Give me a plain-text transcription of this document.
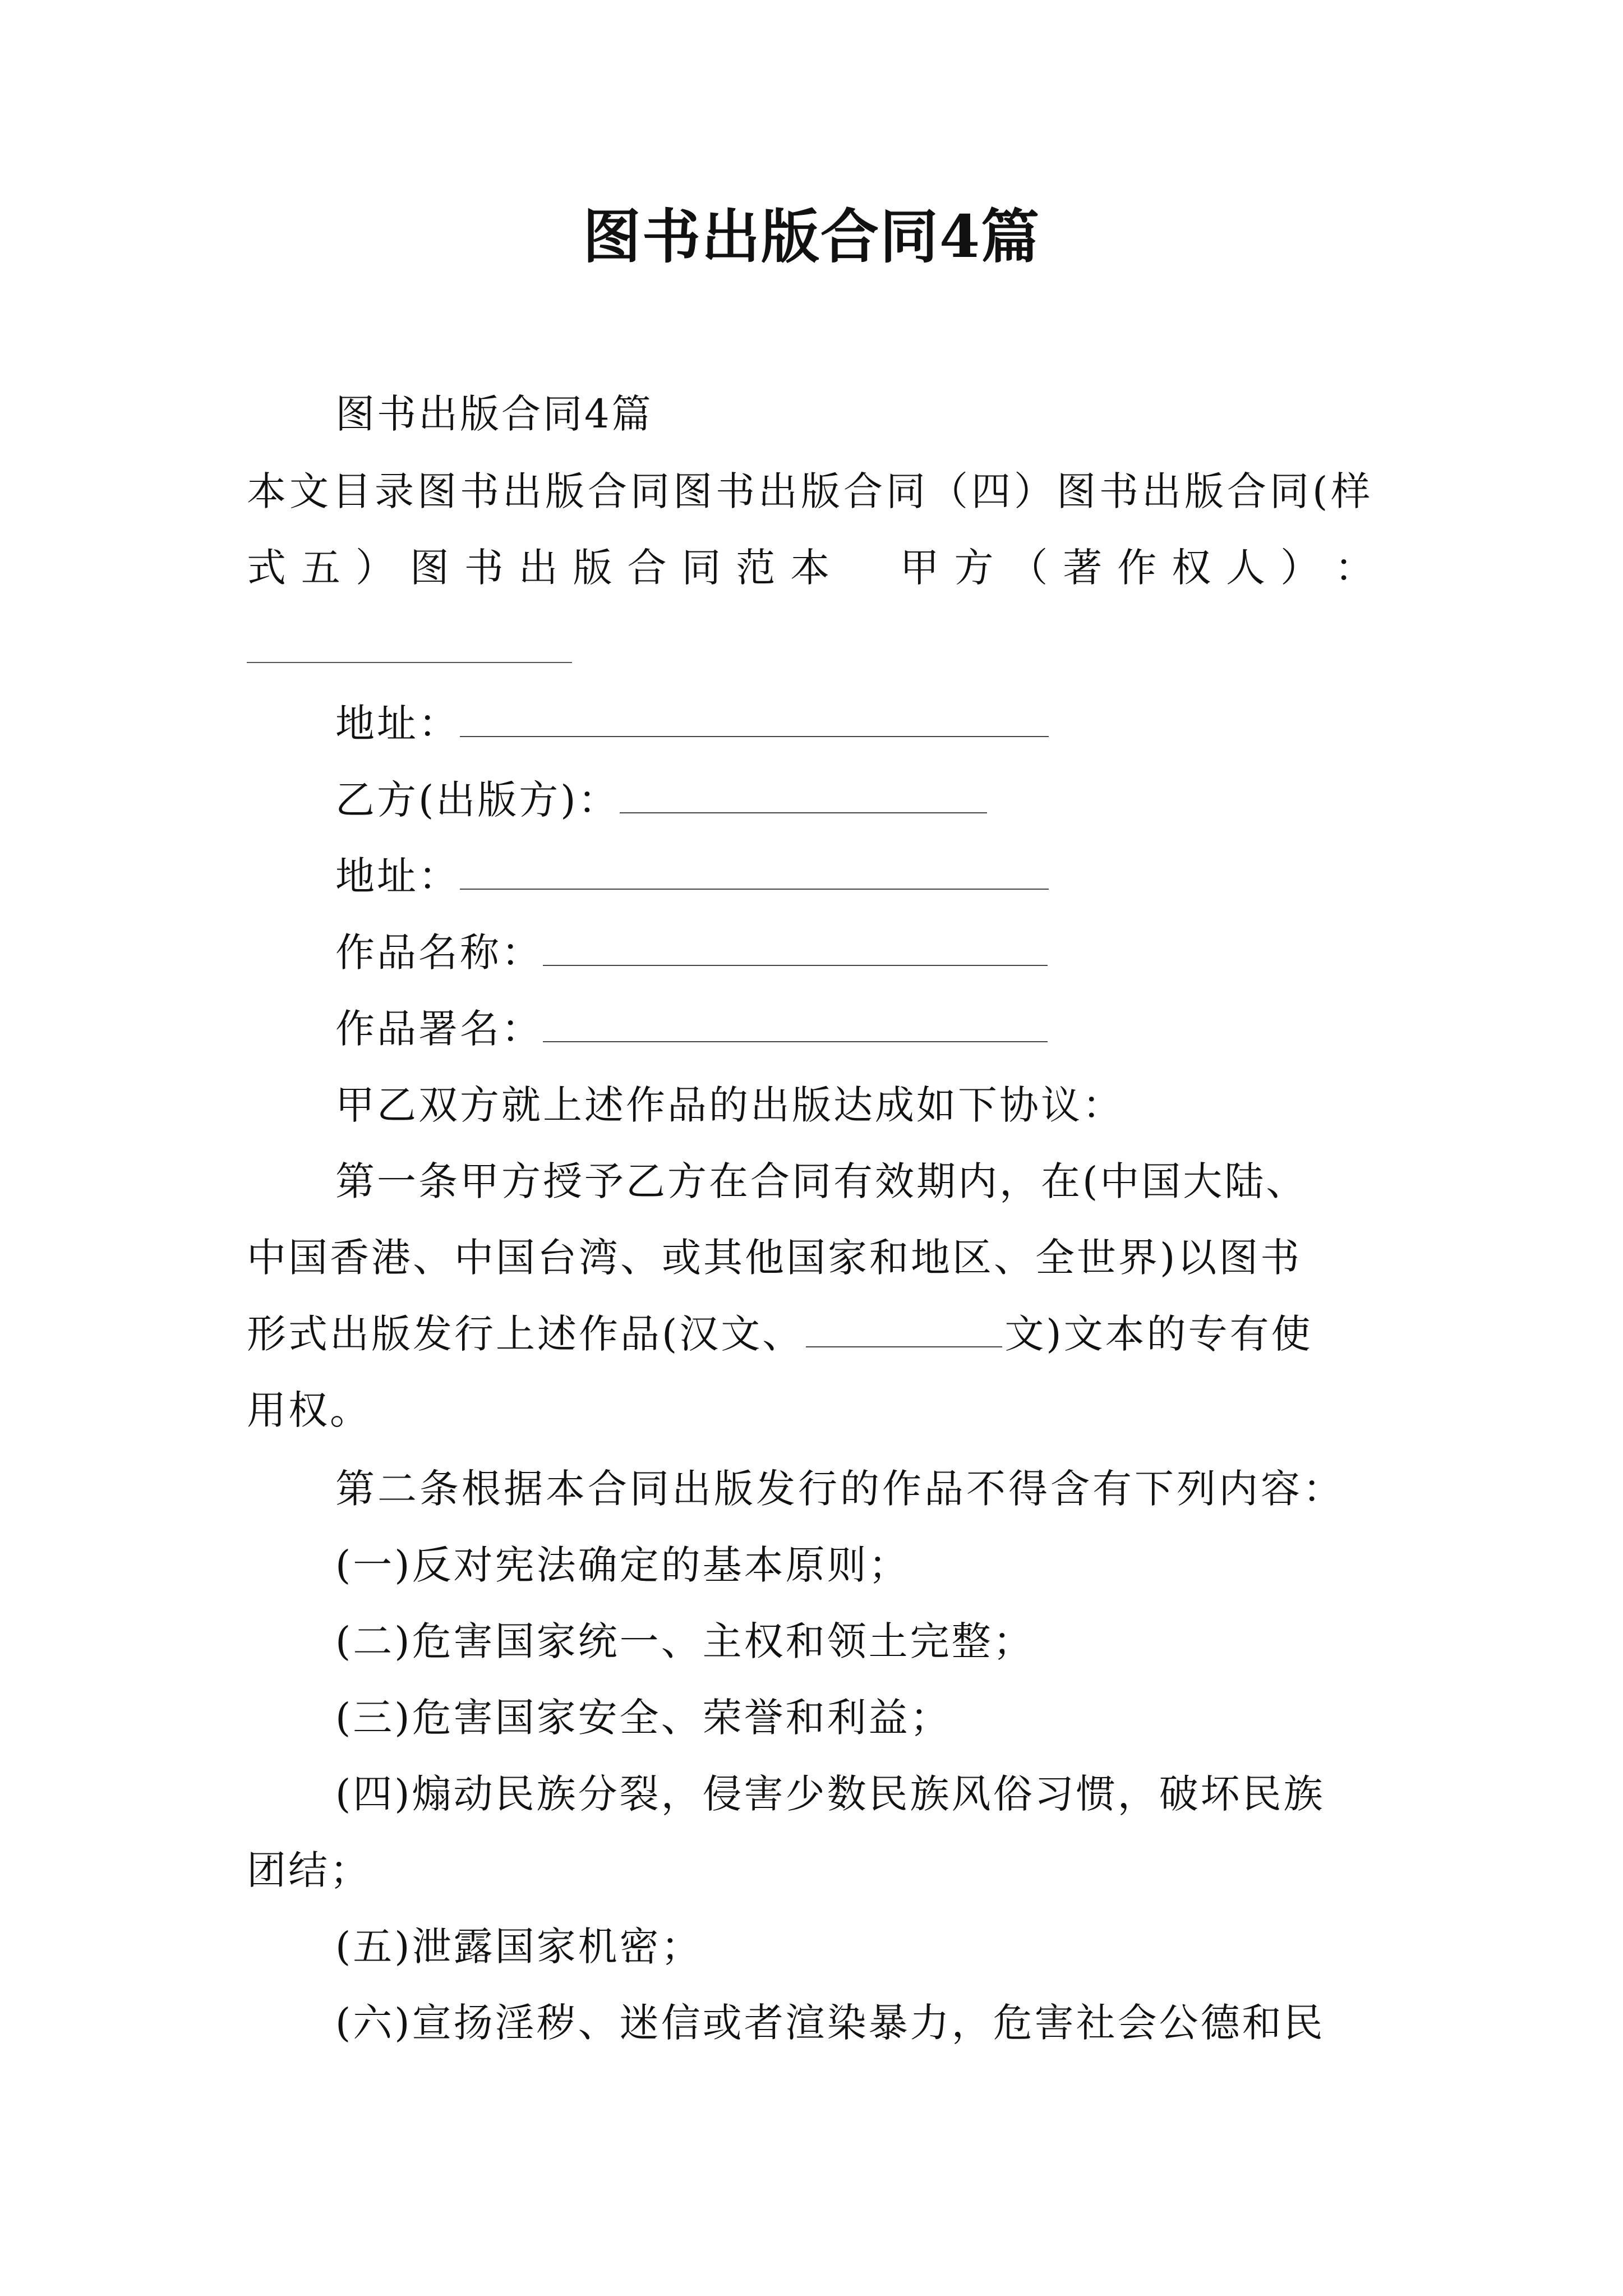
图书出版合同4篇
图书出版合同4篇
本文目录图书出版合同图书出版合同（四）图书出版合同(样
式 五 ） 图 书 出 版 合 同 范 本

甲 方 （ 著 作 权 人 ） ：
地址：
乙方(出版方)：
地址：
作品名称：
作品署名：
甲乙双方就上述作品的出版达成如下协议：
第一条甲方授予乙方在合同有效期内，在(中国大陆、
中国香港、中国台湾、或其他国家和地区、全世界)以图书
形式出版发行上述作品(汉文、	文)文本的专有使
用权。
第二条根据本合同出版发行的作品不得含有下列内容：
(一)反对宪法确定的基本原则；
(二)危害国家统一、主权和领土完整；
(三)危害国家安全、荣誉和利益；
(四)煽动民族分裂，侵害少数民族风俗习惯，破坏民族
团结；
(五)泄露国家机密；
(六)宣扬淫秽、迷信或者渲染暴力，危害社会公德和民
